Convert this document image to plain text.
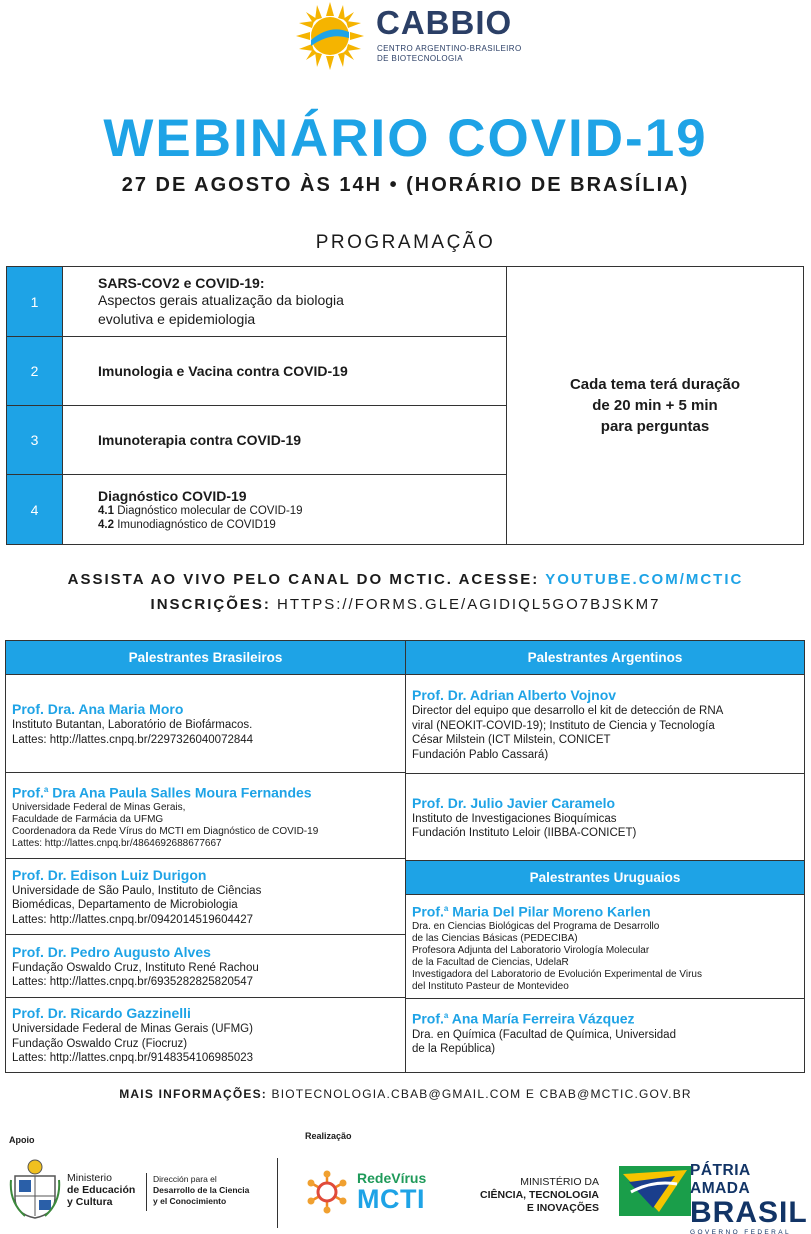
CABBIO
CENTRO ARGENTINO-BRASILEIRO
DE BIOTECNOLOGIA
WEBINÁRIO COVID-19
27 DE AGOSTO ÀS 14H • (HORÁRIO DE BRASÍLIA)
PROGRAMAÇÃO
1
SARS-COV2 e COVID-19:
Aspectos gerais atualização da biologia
evolutiva e epidemiologia
2	Imunologia e Vacina contra COVID-19
3	Imunoterapia contra COVID-19
4
Diagnóstico COVID-19
4.1 Diagnóstico molecular de COVID-19
4.2 Imunodiagnóstico de COVID19
Cada tema terá duração
de 20 min + 5 min
para perguntas
ASSISTA AO VIVO PELO CANAL DO MCTIC. ACESSE: YOUTUBE.COM/MCTIC
INSCRIÇÕES: HTTPS://FORMS.GLE/AGIDIQL5GO7BJSKM7
Palestrantes Brasileiros
Prof. Dra. Ana Maria Moro
Instituto Butantan, Laboratório de Biofármacos.
Lattes: http://lattes.cnpq.br/2297326040072844
Prof.$^a$ Dra Ana Paula Salles Moura Fernandes
Universidade Federal de Minas Gerais,
Faculdade de Farmácia da UFMG
Coordenadora da Rede Vírus do MCTI em Diagnóstico de COVID-19
Lattes: http://lattes.cnpq.br/4864692688677667
Prof. Dr. Edison Luiz Durigon
Universidade de São Paulo, Instituto de Ciências
Biomédicas, Departamento de Microbiologia
Lattes: http://lattes.cnpq.br/0942014519604427
Prof. Dr. Pedro Augusto Alves
Fundação Oswaldo Cruz, Instituto René Rachou
Lattes: http://lattes.cnpq.br/6935282825820547
Prof. Dr. Ricardo Gazzinelli
Universidade Federal de Minas Gerais (UFMG)
Fundação Oswaldo Cruz (Fiocruz)
Lattes: http://lattes.cnpq.br/9148354106985023
Palestrantes Argentinos
Prof. Dr. Adrian Alberto Vojnov
Director del equipo que desarrollo el kit de detección de RNA
viral (NEOKIT-COVID-19); Instituto de Ciencia y Tecnología
César Milstein (ICT Milstein, CONICET
Fundación Pablo Cassará)
Prof. Dr. Julio Javier Caramelo
Instituto de Investigaciones Bioquímicas
Fundación Instituto Leloir (IIBBA-CONICET)
Palestrantes Uruguaios
Prof.$^a$ Maria Del Pilar Moreno Karlen
Dra. en Ciencias Biológicas del Programa de Desarrollo
de las Ciencias Básicas (PEDECIBA)
Profesora Adjunta del Laboratorio Virología Molecular
de la Facultad de Ciencias, UdelaR
Investigadora del Laboratorio de Evolución Experimental de Virus
del Instituto Pasteur de Montevideo
Prof.$^a$ Ana María Ferreira Vázquez
Dra. en Química (Facultad de Química, Universidad
de la República)
MAIS INFORMAÇÕES: BIOTECNOLOGIA.CBAB@GMAIL.COM E CBAB@MCTIC.GOV.BR
Apoio	Realização
Ministerio
de Educación
y Cultura
Dirección para el
Desarrollo de la Ciencia
y el Conocimiento
RedeVírus
MCTI
MINISTÉRIO DA
CIÊNCIA, TECNOLOGIA
E INOVAÇÕES
PÁTRIA AMADA
BRASIL
GOVERNO FEDERAL
